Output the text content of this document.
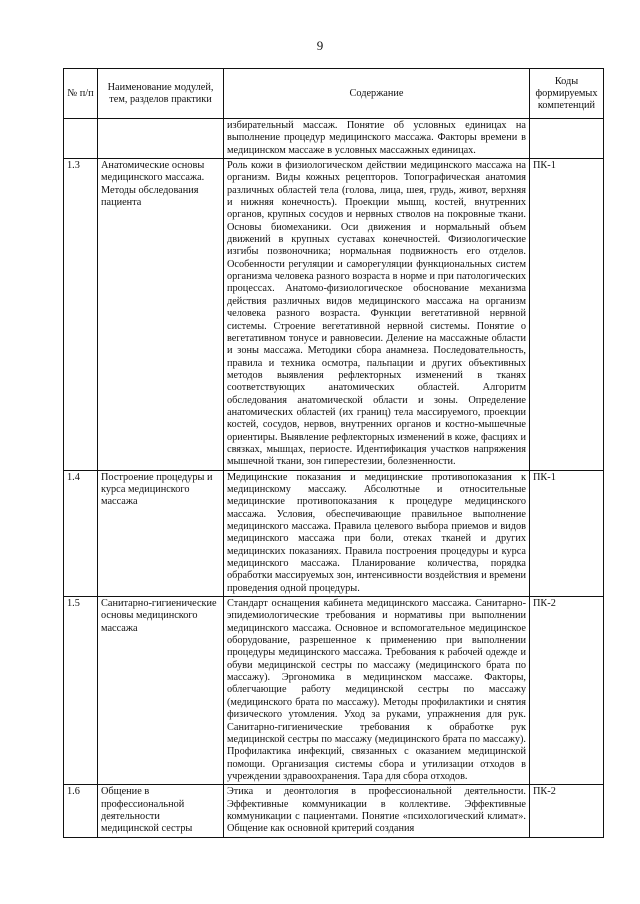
9
№ п/п	Наименование модулей, тем, разделов практики	Содержание	Коды формируемых компетенций
		избирательный массаж. Понятие об условных единицах на выполнение процедур медицинского массажа. Факторы времени в медицинском массаже в условных массажных единицах.	
1.3	Анатомические основы медицинского массажа. Методы обследования пациента	Роль кожи в физиологическом действии медицинского массажа на организм. Виды кожных рецепторов. Топографическая анатомия различных областей тела (голова, лица, шея, грудь, живот, верхняя и нижняя конечность). Проекции мышц, костей, внутренних органов, крупных сосудов и нервных стволов на покровные ткани. Основы биомеханики. Оси движения и нормальный объем движений в крупных суставах конечностей. Физиологические изгибы позвоночника; нормальная подвижность его отделов. Особенности регуляции и саморегуляции функциональных систем организма человека разного возраста в норме и при патологических процессах. Анатомо-физиологическое обоснование механизма действия различных видов медицинского массажа на организм человека разного возраста. Функции вегетативной нервной системы. Строение вегетативной нервной системы. Понятие о вегетативном тонусе и равновесии. Деление на массажные области и зоны массажа. Методики сбора анамнеза. Последовательность, правила и техника осмотра, пальпации и других объективных методов выявления рефлекторных изменений в тканях соответствующих анатомических областей. Алгоритм обследования анатомической области и зоны. Определение анатомических областей (их границ) тела массируемого, проекции костей, сосудов, нервов, внутренних органов и костно-мышечные ориентиры. Выявление рефлекторных изменений в коже, фасциях и связках, мышцах, периосте. Идентификация участков напряжения мышечной ткани, зон гиперестезии, болезненности.	ПК-1
1.4	Построение процедуры и курса медицинского массажа	Медицинские показания и медицинские противопоказания к медицинскому массажу. Абсолютные и относительные медицинские противопоказания к процедуре медицинского массажа. Условия, обеспечивающие правильное выполнение медицинского массажа. Правила целевого выбора приемов и видов медицинского массажа при боли, отеках тканей и других медицинских показаниях. Правила построения процедуры и курса медицинского массажа. Планирование количества, порядка обработки массируемых зон, интенсивности воздействия и времени проведения одной процедуры.	ПК-1
1.5	Санитарно-гигиенические основы медицинского массажа	Стандарт оснащения кабинета медицинского массажа. Санитарно-эпидемиологические требования и нормативы при выполнении медицинского массажа. Основное и вспомогательное медицинское оборудование, разрешенное к применению при выполнении процедуры медицинского массажа. Требования к рабочей одежде и обуви медицинской сестры по массажу (медицинского брата по массажу). Эргономика в медицинском массаже. Факторы, облегчающие работу медицинской сестры по массажу (медицинского брата по массажу). Методы профилактики и снятия физического утомления. Уход за руками, упражнения для рук. Санитарно-гигиенические требования к обработке рук медицинской сестры по массажу (медицинского брата по массажу). Профилактика инфекций, связанных с оказанием медицинской помощи. Организация системы сбора и утилизации отходов в учреждении здравоохранения. Тара для сбора отходов.	ПК-2
1.6	Общение в профессиональной деятельности медицинской сестры	Этика и деонтология в профессиональной деятельности. Эффективные коммуникации в коллективе. Эффективные коммуникации с пациентами. Понятие «психологический климат». Общение как основной критерий создания	ПК-2
